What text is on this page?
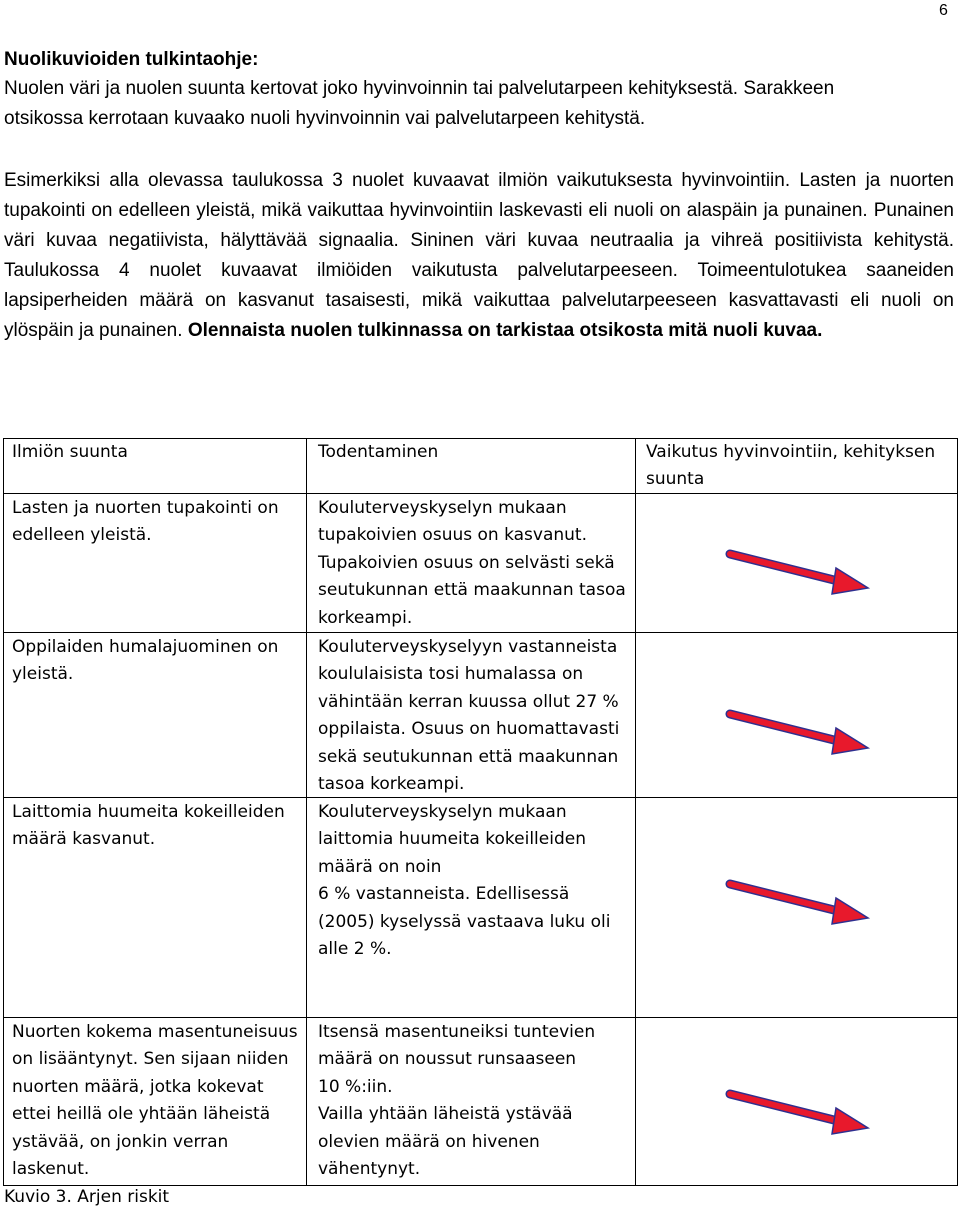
6
Nuolikuvioiden tulkintaohje:
Nuolen väri ja nuolen suunta kertovat joko hyvinvoinnin tai palvelutarpeen kehityksestä. Sarakkeen
otsikossa kerrotaan kuvaako nuoli hyvinvoinnin vai palvelutarpeen kehitystä.
Esimerkiksi alla olevassa taulukossa 3 nuolet kuvaavat ilmiön vaikutuksesta hyvinvointiin. Lasten ja nuorten tupakointi on edelleen yleistä, mikä vaikuttaa hyvinvointiin laskevasti eli nuoli on alaspäin ja punainen. Punainen väri kuvaa negatiivista, hälyttävää signaalia. Sininen väri kuvaa neutraalia ja vihreä positiivista kehitystä. Taulukossa 4 nuolet kuvaavat ilmiöiden vaikutusta palvelutarpeeseen. Toimeentulotukea saaneiden lapsiperheiden määrä on kasvanut tasaisesti, mikä vaikuttaa palvelutarpeeseen kasvattavasti eli nuoli on ylöspäin ja punainen. Olennaista nuolen tulkinnassa on tarkistaa otsikosta mitä nuoli kuvaa.
Ilmiön suunta	Todentaminen	Vaikutus hyvinvointiin, kehityksen suunta
Lasten ja nuorten tupakointi on edelleen yleistä.
Kouluterveyskyselyn mukaan tupakoivien osuus on kasvanut. Tupakoivien osuus on selvästi sekä seutukunnan että maakunnan tasoa korkeampi.
Oppilaiden humalajuominen on yleistä.
Kouluterveyskyselyyn vastanneista koululaisista tosi humalassa on vähintään kerran kuussa ollut 27 % oppilaista. Osuus on huomattavasti sekä seutukunnan että maakunnan tasoa korkeampi.
Laittomia huumeita kokeilleiden määrä kasvanut.
Kouluterveyskyselyn mukaan laittomia huumeita kokeilleiden määrä on noin
6 % vastanneista. Edellisessä (2005) kyselyssä vastaava luku oli alle 2 %.
Nuorten kokema masentuneisuus on lisääntynyt. Sen sijaan niiden nuorten määrä, jotka kokevat ettei heillä ole yhtään läheistä ystävää, on jonkin verran laskenut.
Itsensä masentuneiksi tuntevien määrä on noussut runsaaseen
10 %:iin.
Vailla yhtään läheistä ystävää olevien määrä on hivenen vähentynyt.
Kuvio 3. Arjen riskit
